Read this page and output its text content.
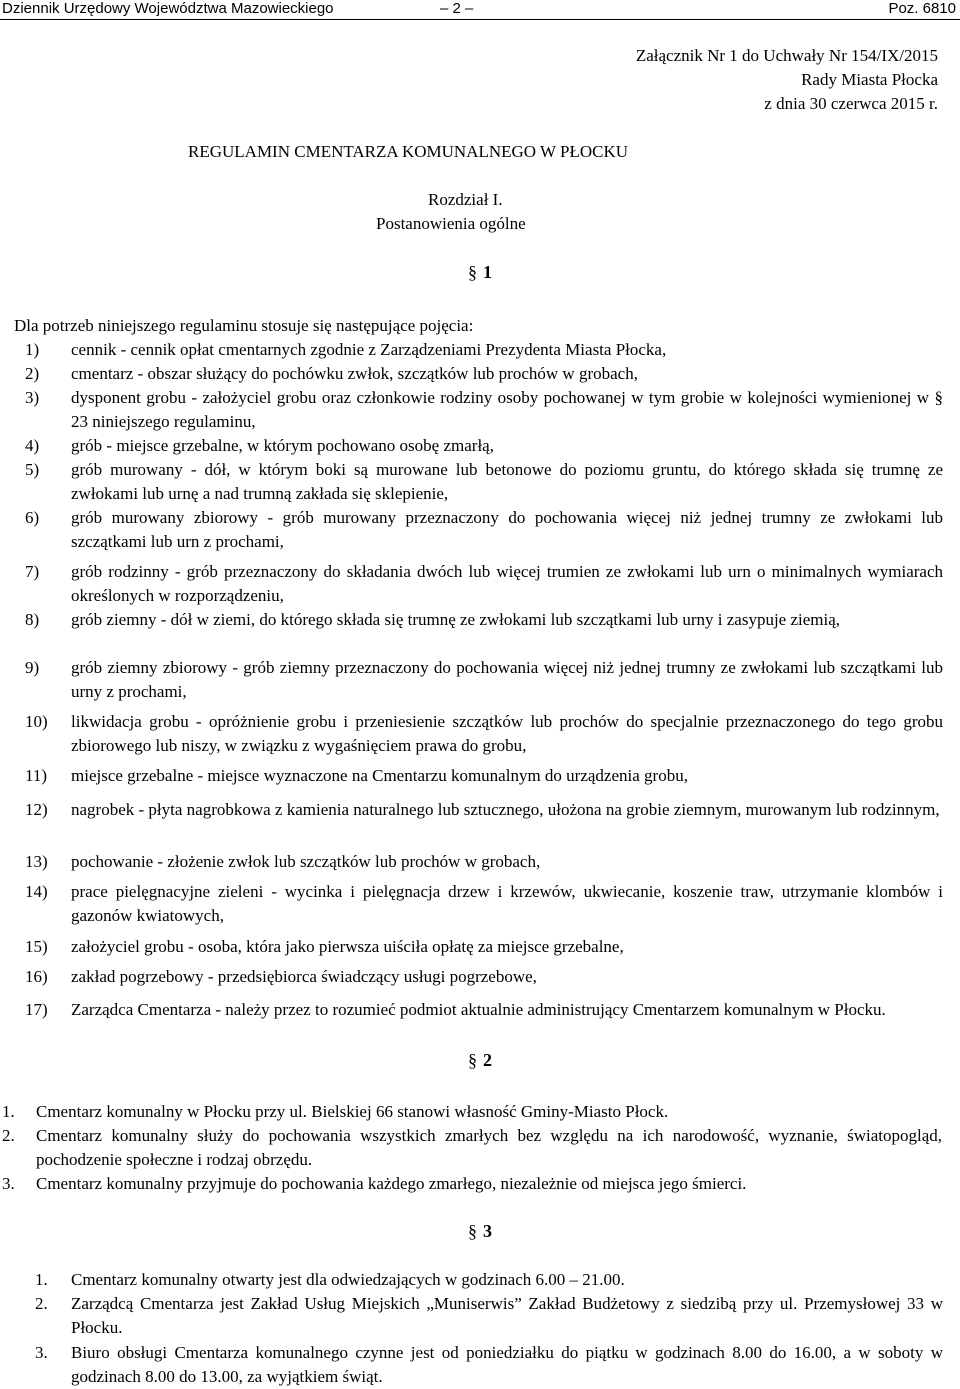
Dziennik Urzędowy Województwa Mazowieckiego	– 2 –	Poz. 6810
Załącznik Nr 1 do Uchwały Nr 154/IX/2015
Rady Miasta Płocka
z dnia 30 czerwca 2015 r.
REGULAMIN CMENTARZA KOMUNALNEGO W PŁOCKU
Rozdział I.
Postanowienia ogólne
§ 1
Dla potrzeb niniejszego regulaminu stosuje się następujące pojęcia:
1) cennik - cennik opłat cmentarnych zgodnie z Zarządzeniami Prezydenta Miasta Płocka,
2) cmentarz - obszar służący do pochówku zwłok, szczątków lub prochów w grobach,
3) dysponent grobu - założyciel grobu oraz członkowie rodziny osoby pochowanej w tym grobie w kolejności wymienionej w § 23 niniejszego regulaminu,
4) grób - miejsce grzebalne, w którym pochowano osobę zmarłą,
5) grób murowany - dół, w którym boki są murowane lub betonowe do poziomu gruntu, do którego składa się trumnę ze zwłokami lub urnę a nad trumną zakłada się sklepienie,
6) grób murowany zbiorowy - grób murowany przeznaczony do pochowania więcej niż jednej trumny ze zwłokami lub szczątkami lub urn z prochami,
7) grób rodzinny - grób przeznaczony do składania dwóch lub więcej trumien ze zwłokami lub urn o minimalnych wymiarach określonych w rozporządzeniu,
8) grób ziemny - dół w ziemi, do którego składa się trumnę ze zwłokami lub szczątkami lub urny i zasypuje ziemią,
9) grób ziemny zbiorowy - grób ziemny przeznaczony do pochowania więcej niż jednej trumny ze zwłokami lub szczątkami lub urny z prochami,
10) likwidacja grobu - opróżnienie grobu i przeniesienie szczątków lub prochów do specjalnie przeznaczonego do tego grobu zbiorowego lub niszy, w związku z wygaśnięciem prawa do grobu,
11) miejsce grzebalne - miejsce wyznaczone na Cmentarzu komunalnym do urządzenia grobu,
12) nagrobek - płyta nagrobkowa z kamienia naturalnego lub sztucznego, ułożona na grobie ziemnym, murowanym lub rodzinnym,
13) pochowanie - złożenie zwłok lub szczątków lub prochów w grobach,
14) prace pielęgnacyjne zieleni - wycinka i pielęgnacja drzew i krzewów, ukwiecanie, koszenie traw, utrzymanie klombów i gazonów kwiatowych,
15) założyciel grobu - osoba, która jako pierwsza uiściła opłatę za miejsce grzebalne,
16) zakład pogrzebowy - przedsiębiorca świadczący usługi pogrzebowe,
17) Zarządca Cmentarza - należy przez to rozumieć podmiot aktualnie administrujący Cmentarzem komunalnym w Płocku.
§ 2
1. Cmentarz komunalny w Płocku przy ul. Bielskiej 66 stanowi własność Gminy-Miasto Płock.
2. Cmentarz komunalny służy do pochowania wszystkich zmarłych bez względu na ich narodowość, wyznanie, światopogląd, pochodzenie społeczne i rodzaj obrzędu.
3. Cmentarz komunalny przyjmuje do pochowania każdego zmarłego, niezależnie od miejsca jego śmierci.
§ 3
1. Cmentarz komunalny otwarty jest dla odwiedzających w godzinach 6.00 – 21.00.
2. Zarządcą Cmentarza jest Zakład Usług Miejskich „Muniserwis” Zakład Budżetowy z siedzibą przy ul. Przemysłowej 33 w Płocku.
3. Biuro obsługi Cmentarza komunalnego czynne jest od poniedziałku do piątku w godzinach 8.00 do 16.00, a w soboty w godzinach 8.00 do 13.00, za wyjątkiem świąt.
